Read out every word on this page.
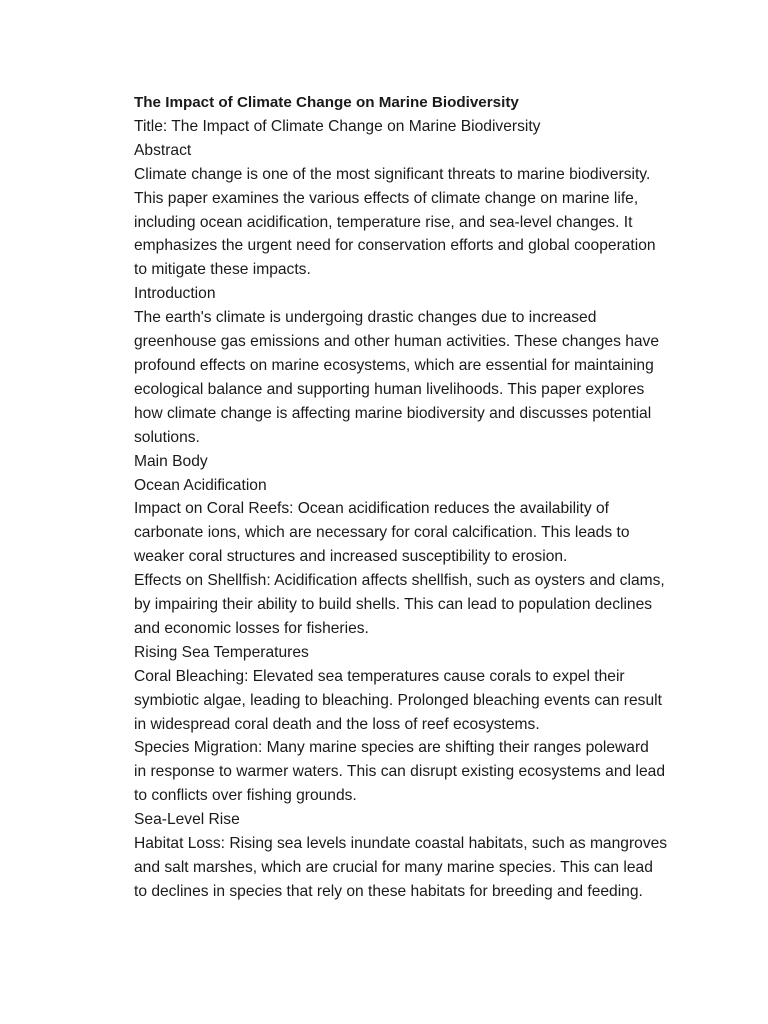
The Impact of Climate Change on Marine Biodiversity

Title: The Impact of Climate Change on Marine Biodiversity

Abstract

Climate change is one of the most significant threats to marine biodiversity.

This paper examines the various effects of climate change on marine life,

including ocean acidification, temperature rise, and sea-level changes. It

emphasizes the urgent need for conservation efforts and global cooperation

to mitigate these impacts.

Introduction

The earth's climate is undergoing drastic changes due to increased

greenhouse gas emissions and other human activities. These changes have

profound effects on marine ecosystems, which are essential for maintaining

ecological balance and supporting human livelihoods. This paper explores

how climate change is affecting marine biodiversity and discusses potential

solutions.

Main Body

Ocean Acidification

Impact on Coral Reefs: Ocean acidification reduces the availability of

carbonate ions, which are necessary for coral calcification. This leads to

weaker coral structures and increased susceptibility to erosion.

Effects on Shellfish: Acidification affects shellfish, such as oysters and clams,

by impairing their ability to build shells. This can lead to population declines

and economic losses for fisheries.

Rising Sea Temperatures

Coral Bleaching: Elevated sea temperatures cause corals to expel their

symbiotic algae, leading to bleaching. Prolonged bleaching events can result

in widespread coral death and the loss of reef ecosystems.

Species Migration: Many marine species are shifting their ranges poleward

in response to warmer waters. This can disrupt existing ecosystems and lead

to conflicts over fishing grounds.

Sea-Level Rise

Habitat Loss: Rising sea levels inundate coastal habitats, such as mangroves

and salt marshes, which are crucial for many marine species. This can lead

to declines in species that rely on these habitats for breeding and feeding.
